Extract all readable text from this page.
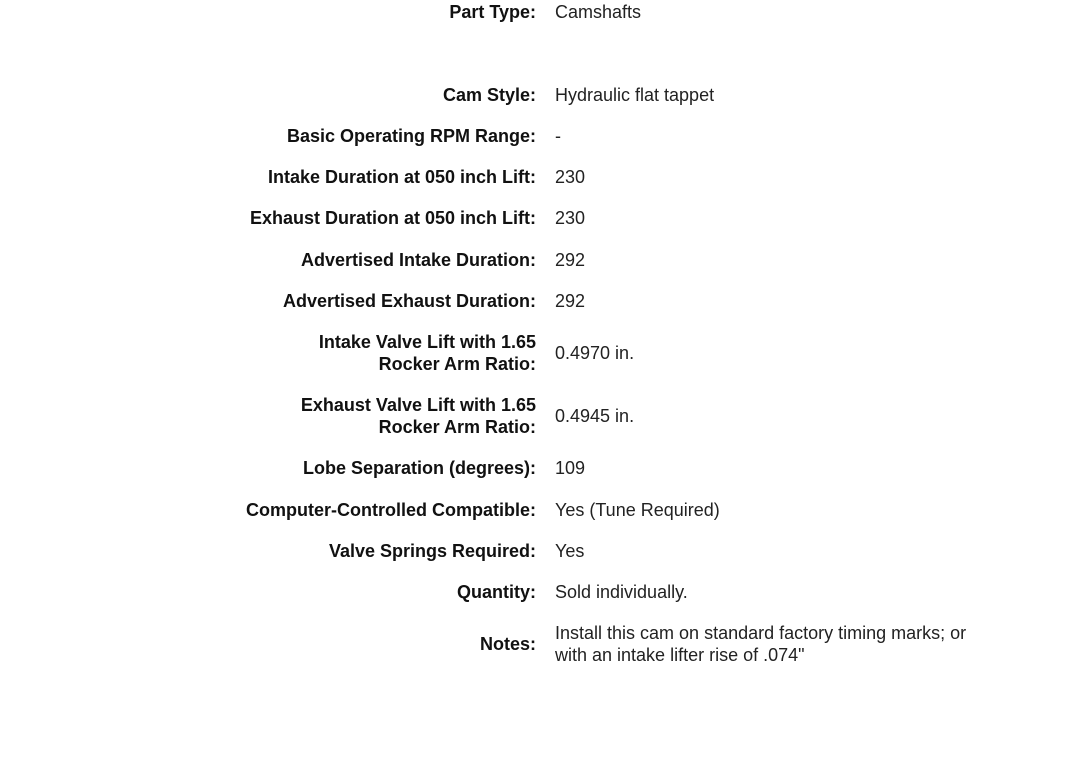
Part Type: Camshafts
Cam Style: Hydraulic flat tappet
Basic Operating RPM Range: -
Intake Duration at 050 inch Lift: 230
Exhaust Duration at 050 inch Lift: 230
Advertised Intake Duration: 292
Advertised Exhaust Duration: 292
Intake Valve Lift with 1.65 Rocker Arm Ratio:
0.4970 in.
Exhaust Valve Lift with 1.65 Rocker Arm Ratio:
0.4945 in.
Lobe Separation (degrees): 109
Computer-Controlled Compatible: Yes (Tune Required)
Valve Springs Required: Yes
Quantity: Sold individually.
Notes:
Install this cam on standard factory timing marks; or with an intake lifter rise of .074"
